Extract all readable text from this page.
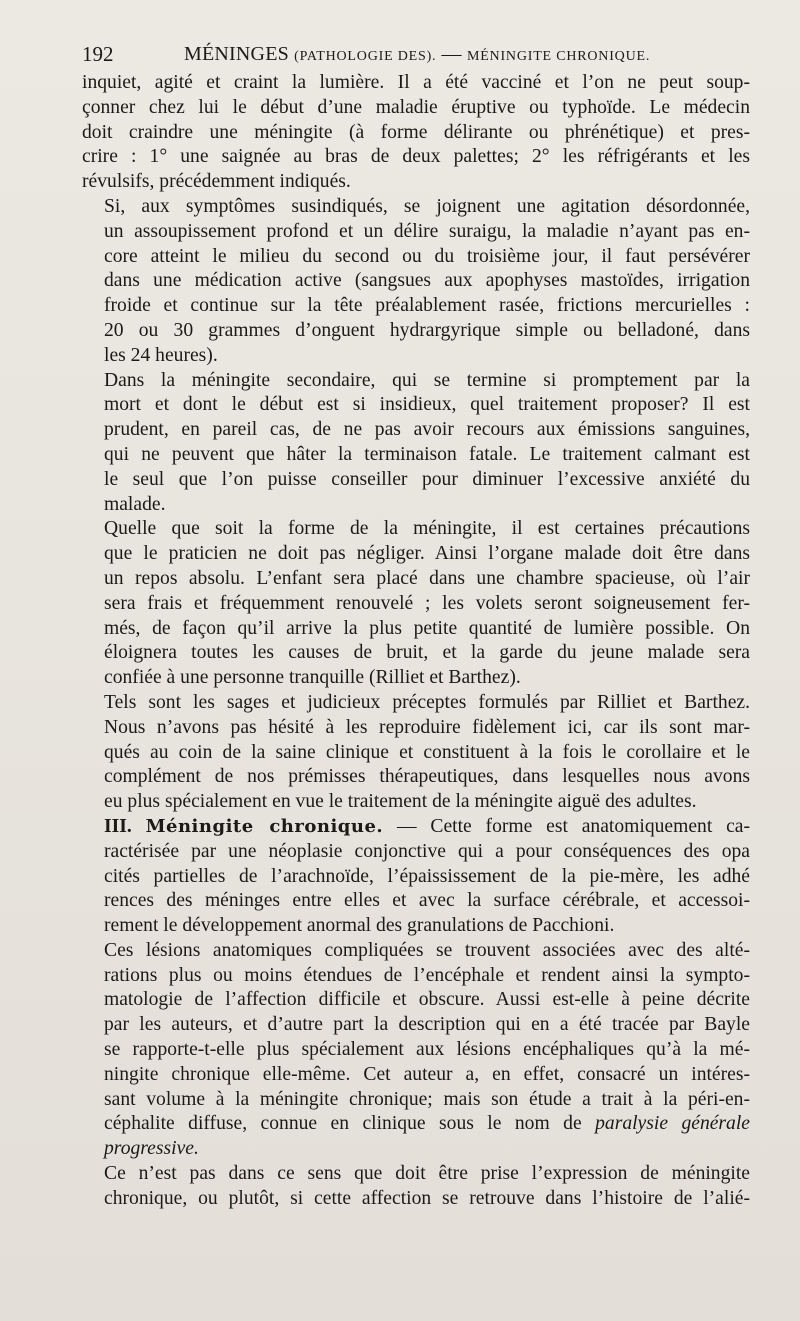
192	MÉNINGES (PATHOLOGIE DES). — MÉNINGITE CHRONIQUE.

inquiet, agité et craint la lumière. Il a été vacciné et l’on ne peut soup-
çonner chez lui le début d’une maladie éruptive ou typhoïde. Le médecin
doit craindre une méningite (à forme délirante ou phrénétique) et pres-
crire : 1° une saignée au bras de deux palettes; 2° les réfrigérants et les
révulsifs, précédemment indiqués.

Si, aux symptômes susindiqués, se joignent une agitation désordonnée,
un assoupissement profond et un délire suraigu, la maladie n’ayant pas en-
core atteint le milieu du second ou du troisième jour, il faut persévérer
dans une médication active (sangsues aux apophyses mastoïdes, irrigation
froide et continue sur la tête préalablement rasée, frictions mercurielles :
20 ou 30 grammes d’onguent hydrargyrique simple ou belladoné, dans
les 24 heures).

Dans la méningite secondaire, qui se termine si promptement par la
mort et dont le début est si insidieux, quel traitement proposer? Il est
prudent, en pareil cas, de ne pas avoir recours aux émissions sanguines,
qui ne peuvent que hâter la terminaison fatale. Le traitement calmant est
le seul que l’on puisse conseiller pour diminuer l’excessive anxiété du
malade.

Quelle que soit la forme de la méningite, il est certaines précautions
que le praticien ne doit pas négliger. Ainsi l’organe malade doit être dans
un repos absolu. L’enfant sera placé dans une chambre spacieuse, où l’air
sera frais et fréquemment renouvelé ; les volets seront soigneusement fer-
més, de façon qu’il arrive la plus petite quantité de lumière possible. On
éloignera toutes les causes de bruit, et la garde du jeune malade sera
confiée à une personne tranquille (Rilliet et Barthez).

Tels sont les sages et judicieux préceptes formulés par Rilliet et Barthez.
Nous n’avons pas hésité à les reproduire fidèlement ici, car ils sont mar-
qués au coin de la saine clinique et constituent à la fois le corollaire et le
complément de nos prémisses thérapeutiques, dans lesquelles nous avons
eu plus spécialement en vue le traitement de la méningite aiguë des adultes.

III. Méningite chronique. — Cette forme est anatomiquement ca-
ractérisée par une néoplasie conjonctive qui a pour conséquences des opa
cités partielles de l’arachnoïde, l’épaississement de la pie-mère, les adhé
rences des méninges entre elles et avec la surface cérébrale, et accessoi-
rement le développement anormal des granulations de Pacchioni.

Ces lésions anatomiques compliquées se trouvent associées avec des alté-
rations plus ou moins étendues de l’encéphale et rendent ainsi la sympto-
matologie de l’affection difficile et obscure. Aussi est-elle à peine décrite
par les auteurs, et d’autre part la description qui en a été tracée par Bayle
se rapporte-t-elle plus spécialement aux lésions encéphaliques qu’à la mé-
ningite chronique elle-même. Cet auteur a, en effet, consacré un intéres-
sant volume à la méningite chronique; mais son étude a trait à la péri-en-
céphalite diffuse, connue en clinique sous le nom de paralysie générale
progressive.

Ce n’est pas dans ce sens que doit être prise l’expression de méningite
chronique, ou plutôt, si cette affection se retrouve dans l’histoire de l’alié-
